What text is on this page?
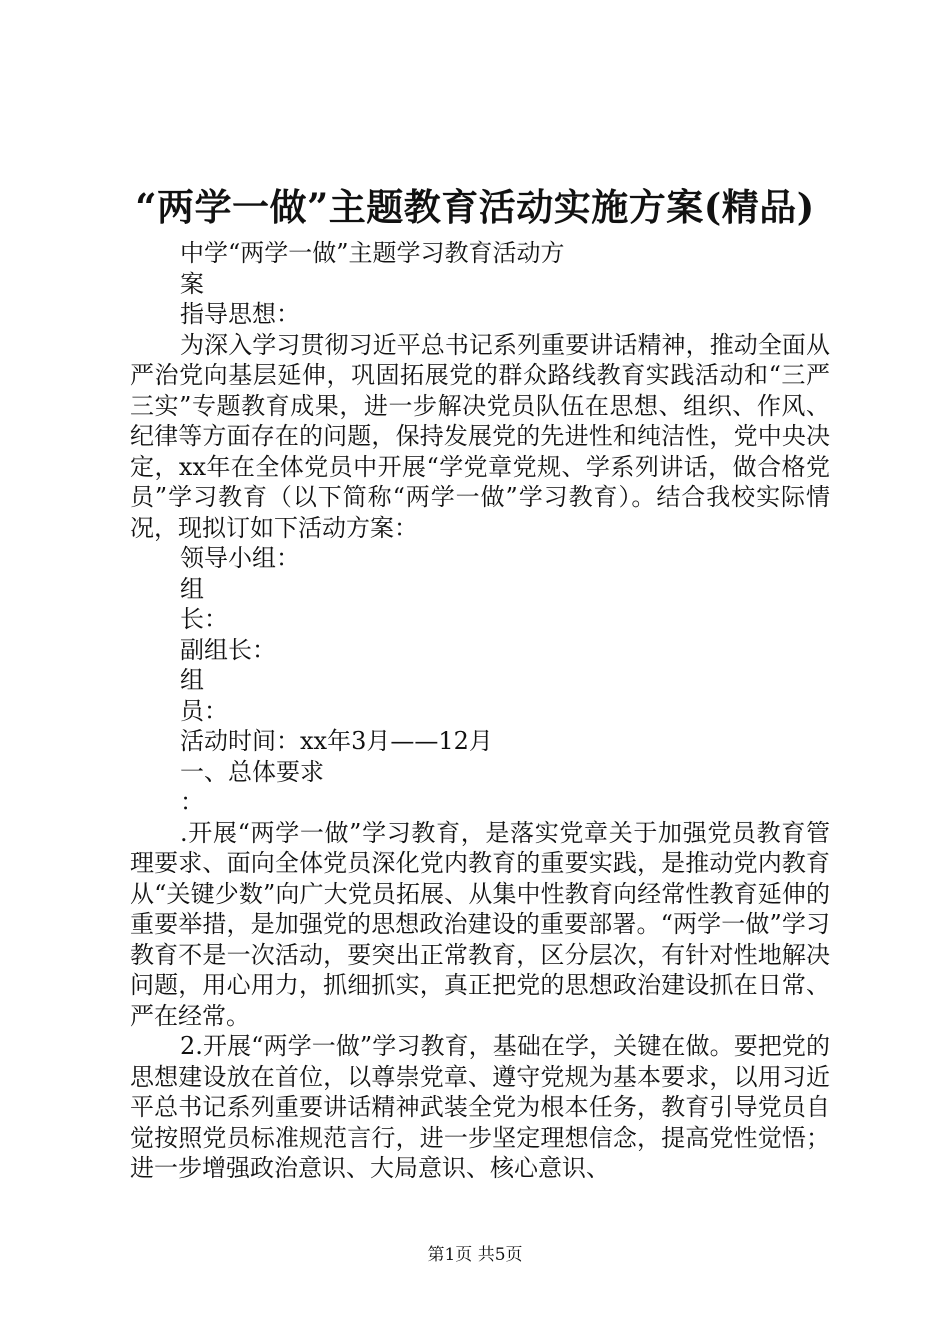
“两学一做”主题教育活动实施方案(精品)
中学“两学一做”主题学习教育活动方
案
指导思想：

为深入学习贯彻习近平总书记系列重要讲话精神，推动全面从严治党向基层延伸，巩固拓展党的群众路线教育实践活动和“三严三实”专题教育成果，进一步解决党员队伍在思想、组织、作风、纪律等方面存在的问题，保持发展党的先进性和纯洁性，党中央决定，xx年在全体党员中开展“学党章党规、学系列讲话，做合格党员”学习教育（以下简称“两学一做”学习教育）。结合我校实际情况，现拟订如下活动方案：

领导小组：
组
长：
副组长：
组
员：
活动时间：xx年3月——12月
一、总体要求
：

.开展“两学一做”学习教育，是落实党章关于加强党员教育管理要求、面向全体党员深化党内教育的重要实践，是推动党内教育从“关键少数”向广大党员拓展、从集中性教育向经常性教育延伸的重要举措，是加强党的思想政治建设的重要部署。“两学一做”学习教育不是一次活动，要突出正常教育，区分层次，有针对性地解决问题，用心用力，抓细抓实，真正把党的思想政治建设抓在日常、严在经常。

2.开展“两学一做”学习教育，基础在学，关键在做。要把党的思想建设放在首位，以尊崇党章、遵守党规为基本要求，以用习近平总书记系列重要讲话精神武装全党为根本任务，教育引导党员自觉按照党员标准规范言行，进一步坚定理想信念，提高党性觉悟；进一步增强政治意识、大局意识、核心意识、

第1页 共5页
